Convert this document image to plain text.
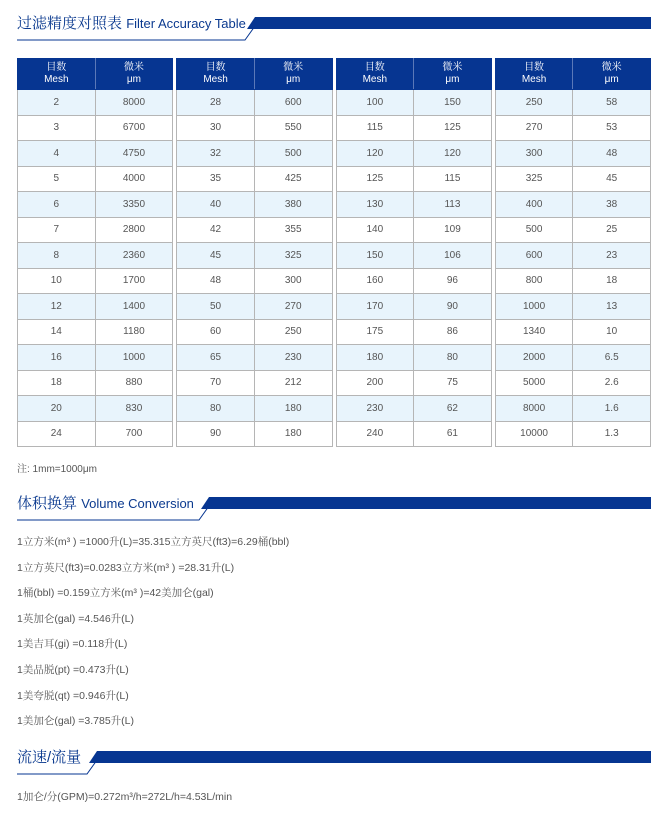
过滤精度对照表 Filter Accuracy Table
目数
Mesh

微米
μm

2	8000
3	6700
4	4750
5	4000
6	3350
7	2800
8	2360
10	1700
12	1400
14	1180
16	1000
18	880
20	830
24	700
目数
Mesh

微米
μm

28	600
30	550
32	500
35	425
40	380
42	355
45	325
48	300
50	270
60	250
65	230
70	212
80	180
90	180
目数
Mesh

微米
μm

100	150
115	125
120	120
125	115
130	113
140	109
150	106
160	96
170	90
175	86
180	80
200	75
230	62
240	61
目数
Mesh

微米
μm

250	58
270	53
300	48
325	45
400	38
500	25
600	23
800	18
1000	13
1340	10
2000	6.5
5000	2.6
8000	1.6
10000	1.3
注: 1mm=1000μm
体积换算 Volume Conversion
1立方米(m³ ) =1000升(L)=35.315立方英尺(ft3)=6.29桶(bbl)
1立方英尺(ft3)=0.0283立方米(m³ ) =28.31升(L)
1桶(bbl) =0.159立方米(m³ )=42美加仑(gal)
1英加仑(gal) =4.546升(L)
1美吉耳(gi) =0.118升(L)
1美品脱(pt) =0.473升(L)
1美夸脱(qt) =0.946升(L)
1美加仑(gal) =3.785升(L)
流速/流量
1加仑/分(GPM)=0.272m³/h=272L/h=4.53L/min
